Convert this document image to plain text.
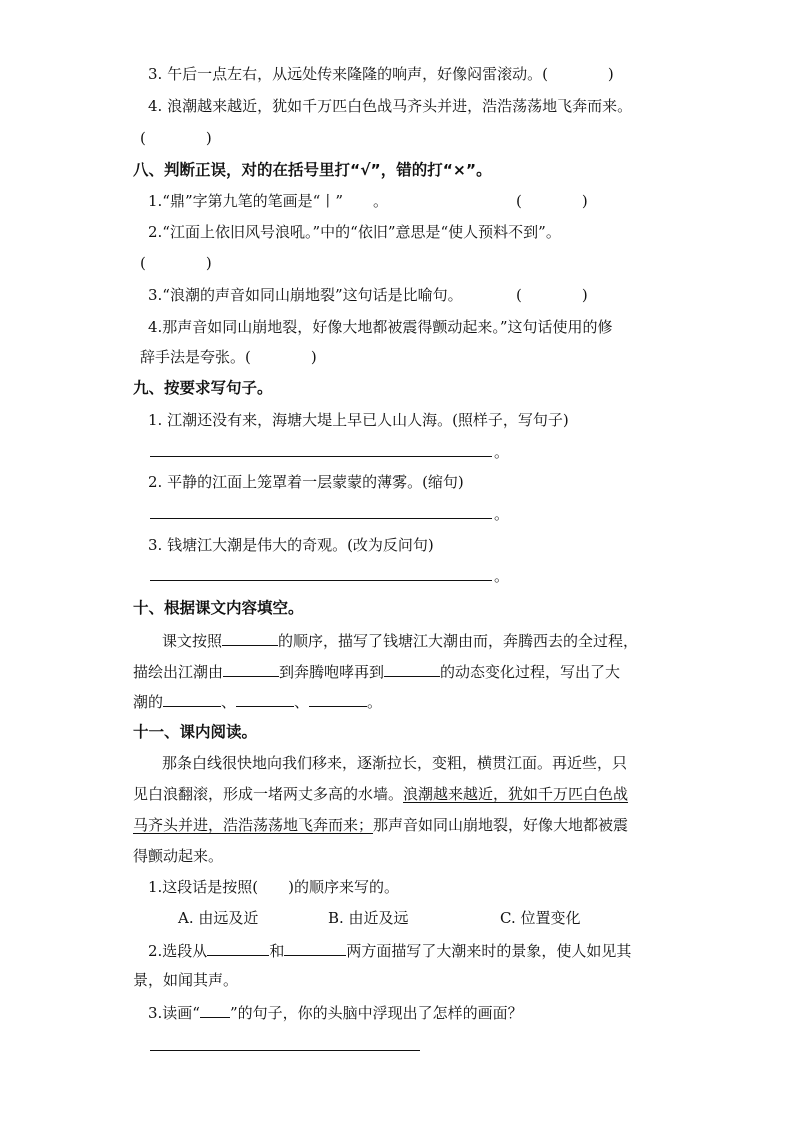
3. 午后一点左右，从远处传来隆隆的响声，好像闷雷滚动。(　　　　)
4. 浪潮越来越近，犹如千万匹白色战马齐头并进，浩浩荡荡地飞奔而来。
(　　　　)
八、判断正误，对的在括号里打“√”，错的打“×”。
1.“鼎”字第九笔的笔画是“丨”　　。	(　　　　)
2.“江面上依旧风号浪吼。”中的“依旧”意思是“使人预料不到”。
(　　　　)
3.“浪潮的声音如同山崩地裂”这句话是比喻句。	(　　　　)
4.那声音如同山崩地裂，好像大地都被震得颤动起来。”这句话使用的修
辞手法是夸张。(　　　　)
九、按要求写句子。
1. 江潮还没有来，海塘大堤上早已人山人海。(照样子，写句子)
。
2. 平静的江面上笼罩着一层蒙蒙的薄雾。(缩句)
。
3. 钱塘江大潮是伟大的奇观。(改为反问句)
。
十、根据课文内容填空。
课文按照	的顺序，描写了钱塘江大潮由而，奔腾西去的全过程，
描绘出江潮由	到奔腾咆哮再到	的动态变化过程，写出了大
潮的	、	、	。
十一、课内阅读。
那条白线很快地向我们移来，逐渐拉长，变粗，横贯江面。再近些，只
见白浪翻滚，形成一堵两丈多高的水墙。浪潮越来越近，犹如千万匹白色战
马齐头并进，浩浩荡荡地飞奔而来；那声音如同山崩地裂，好像大地都被震
得颤动起来。
1.这段话是按照(　　)的顺序来写的。
A. 由远及近	B. 由近及远	C. 位置变化
2.选段从	和	两方面描写了大潮来时的景象，使人如见其
景，如闻其声。
3.读画“ ”的句子，你的头脑中浮现出了怎样的画面？
